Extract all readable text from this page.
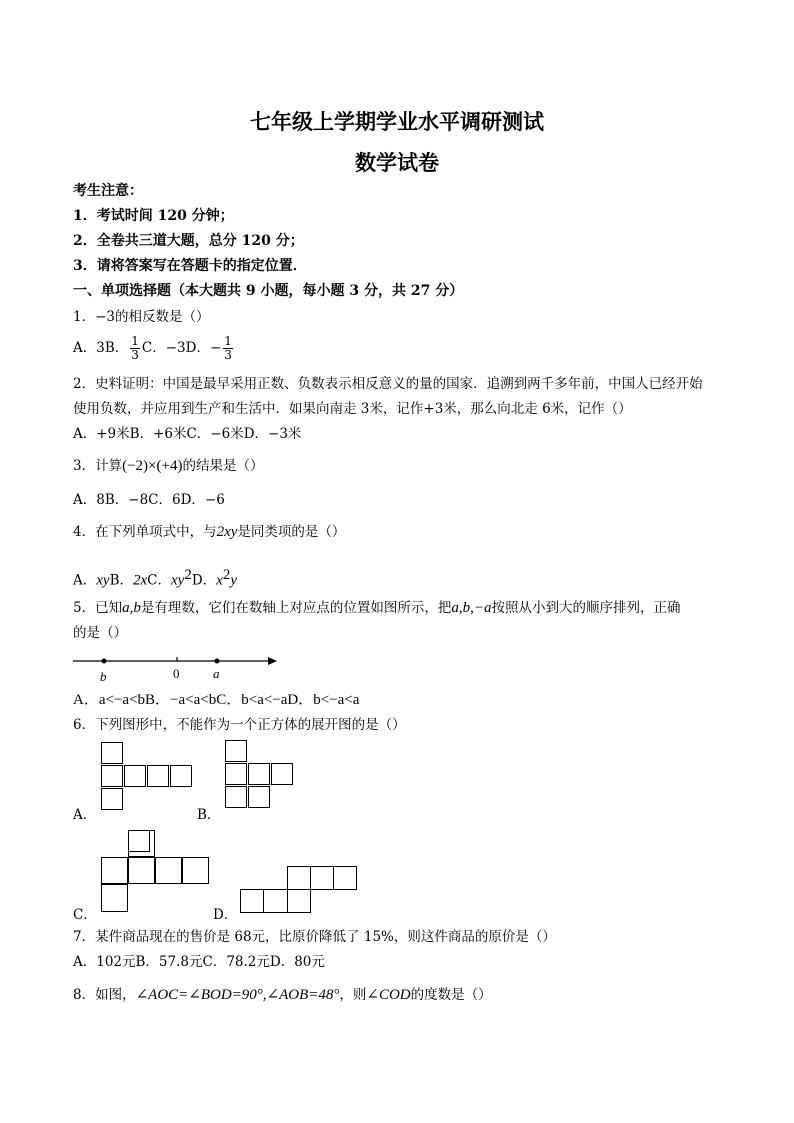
七年级上学期学业水平调研测试
数学试卷
考生注意：
1．考试时间 120 分钟；
2．全卷共三道大题，总分 120 分；
3．请将答案写在答题卡的指定位置．
一、单项选择题（本大题共 9 小题，每小题 3 分，共 27 分）
1．−3的相反数是（）
A．3B． $\frac{1}{3}$ C．−3D．− $\frac{1}{3}$
2．史料证明：中国是最早采用正数、负数表示相反意义的量的国家．追溯到两千多年前，中国人已经开始
使用负数，并应用到生产和生活中．如果向南走 3米，记作+3米，那么向北走 6米，记作（）
A．+9米B．+6米C．−6米D．−3米
3．计算(−2)×(+4)的结果是（）
A．8B．−8C．6D．−6
4．在下列单项式中，与2xy是同类项的是（）
A．xyB．2xC．$xy^2D$．$x^2y$
5．已知a,b是有理数，它们在数轴上对应点的位置如图所示，把a,b,−a按照从小到大的顺序排列，正确
的是（）
b	0	a
A．a<−a<bB．−a<a<bC．b<a<−aD．b<−a<a
6．下列图形中，不能作为一个正方体的展开图的是（）
A．	B．
C．	D．
7．某件商品现在的售价是 68元，比原价降低了 15%，则这件商品的原价是（）
A．102元B．57.8元C．78.2元D．80元
8．如图，∠AOC=∠BOD=90°,∠AOB=48°，则∠COD的度数是（）
